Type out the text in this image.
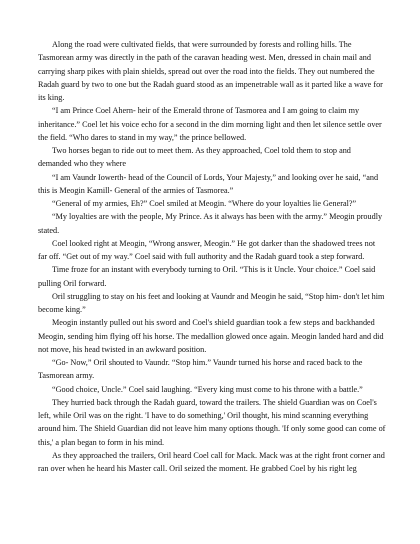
Along the road were cultivated fields, that were surrounded by forests and rolling hills. The Tasmorean army was directly in the path of the caravan heading west. Men, dressed in chain mail and carrying sharp pikes with plain shields, spread out over the road into the fields. They out numbered the Radah guard by two to one but the Radah guard stood as an impenetrable wall as it parted like a wave for its king.

“I am Prince Coel Ahern- heir of the Emerald throne of Tasmorea and I am going to claim my inheritance.” Coel let his voice echo for a second in the dim morning light and then let silence settle over the field. “Who dares to stand in my way,” the prince bellowed.

Two horses began to ride out to meet them. As they approached, Coel told them to stop and demanded who they where

“I am Vaundr Iowerth- head of the Council of Lords, Your Majesty,” and looking over he said, “and this is Meogin Kamill- General of the armies of Tasmorea.”

“General of my armies, Eh?” Coel smiled at Meogin. “Where do your loyalties lie General?”

“My loyalties are with the people, My Prince. As it always has been with the army.” Meogin proudly stated.

Coel looked right at Meogin, “Wrong answer, Meogin.” He got darker than the shadowed trees not far off. “Get out of my way.” Coel said with full authority and the Radah guard took a step forward.

Time froze for an instant with everybody turning to Oril. “This is it Uncle. Your choice.” Coel said pulling Oril forward.

Oril struggling to stay on his feet and looking at Vaundr and Meogin he said, “Stop him- don't let him become king.”

Meogin instantly pulled out his sword and Coel's shield guardian took a few steps and backhanded Meogin, sending him flying off his horse. The medallion glowed once again. Meogin landed hard and did not move, his head twisted in an awkward position.

“Go- Now,” Oril shouted to Vaundr. “Stop him.” Vaundr turned his horse and raced back to the Tasmorean army.

“Good choice, Uncle.” Coel said laughing. “Every king must come to his throne with a battle.”

They hurried back through the Radah guard, toward the trailers. The shield Guardian was on Coel's left, while Oril was on the right. 'I have to do something,' Oril thought, his mind scanning everything around him. The Shield Guardian did not leave him many options though. 'If only some good can come of this,' a plan began to form in his mind.

As they approached the trailers, Oril heard Coel call for Mack. Mack was at the right front corner and ran over when he heard his Master call. Oril seized the moment. He grabbed Coel by his right leg
